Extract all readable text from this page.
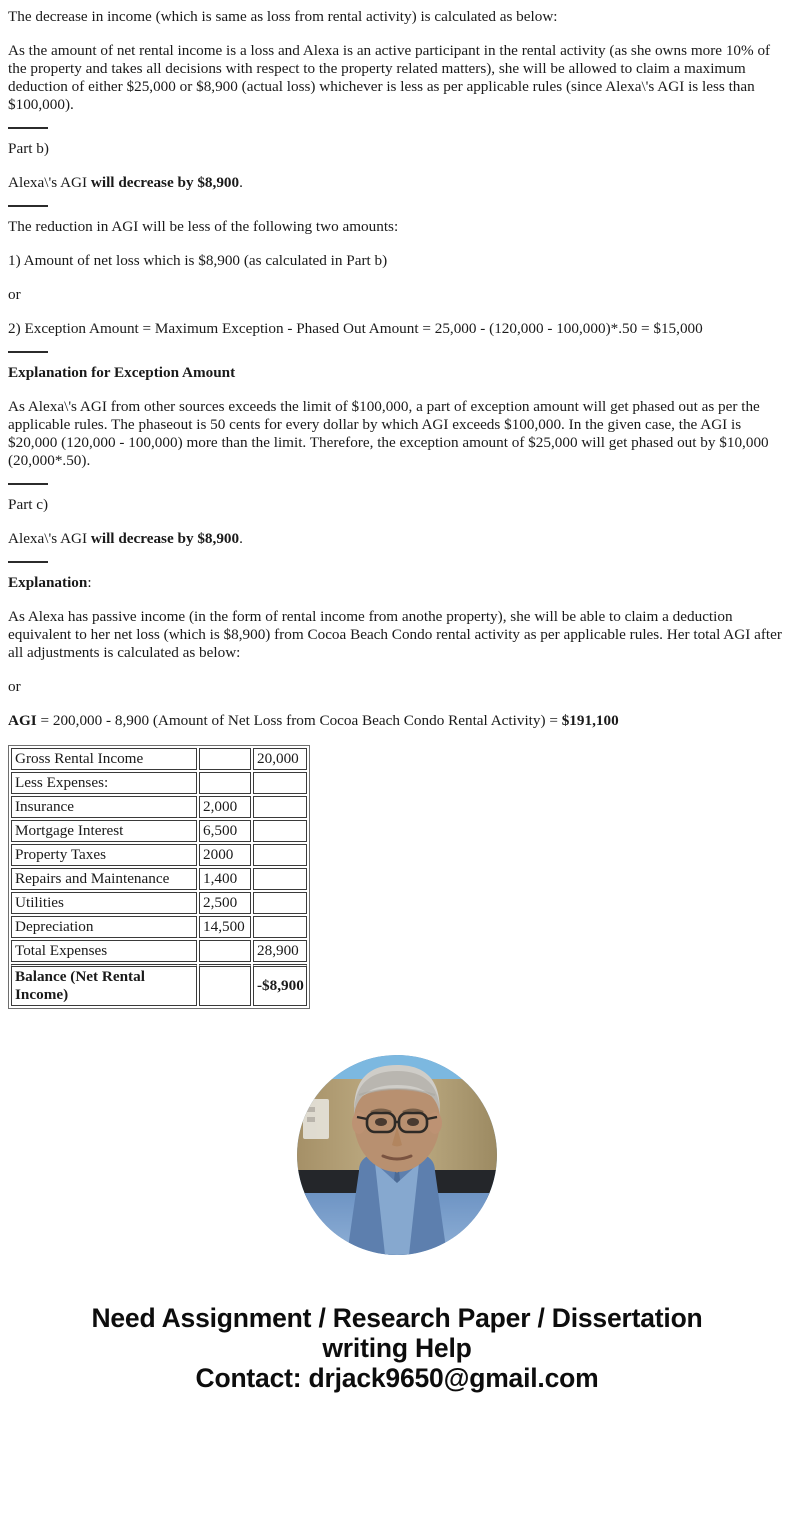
The decrease in income (which is same as loss from rental activity) is calculated as below:

As the amount of net rental income is a loss and Alexa is an active participant in the rental activity (as she owns more 10% of the property and takes all decisions with respect to the property related matters), she will be allowed to claim a maximum deduction of either $25,000 or $8,900 (actual loss) whichever is less as per applicable rules (since Alexa\'s AGI is less than $100,000).

Part b)

Alexa\'s AGI will decrease by $8,900.

The reduction in AGI will be less of the following two amounts:

1) Amount of net loss which is $8,900 (as calculated in Part b)

or

2) Exception Amount = Maximum Exception - Phased Out Amount = 25,000 - (120,000 - 100,000)*.50 = $15,000

Explanation for Exception Amount

As Alexa\'s AGI from other sources exceeds the limit of $100,000, a part of exception amount will get phased out as per the applicable rules. The phaseout is 50 cents for every dollar by which AGI exceeds $100,000. In the given case, the AGI is $20,000 (120,000 - 100,000) more than the limit. Therefore, the exception amount of $25,000 will get phased out by $10,000 (20,000*.50).

Part c)

Alexa\'s AGI will decrease by $8,900.

Explanation:

As Alexa has passive income (in the form of rental income from anothe property), she will be able to claim a deduction equivalent to her net loss (which is $8,900) from Cocoa Beach Condo rental activity as per applicable rules. Her total AGI after all adjustments is calculated as below:

or

AGI = 200,000 - 8,900 (Amount of Net Loss from Cocoa Beach Condo Rental Activity) = $191,100

Gross Rental Income		20,000
Less Expenses:		
Insurance	2,000	
Mortgage Interest	6,500	
Property Taxes	2000	
Repairs and Maintenance	1,400	
Utilities	2,500	
Depreciation	14,500	
Total Expenses		28,900
Balance (Net Rental Income)		-$8,900
Need Assignment / Research Paper / Dissertation
writing Help
Contact: drjack9650@gmail.com
